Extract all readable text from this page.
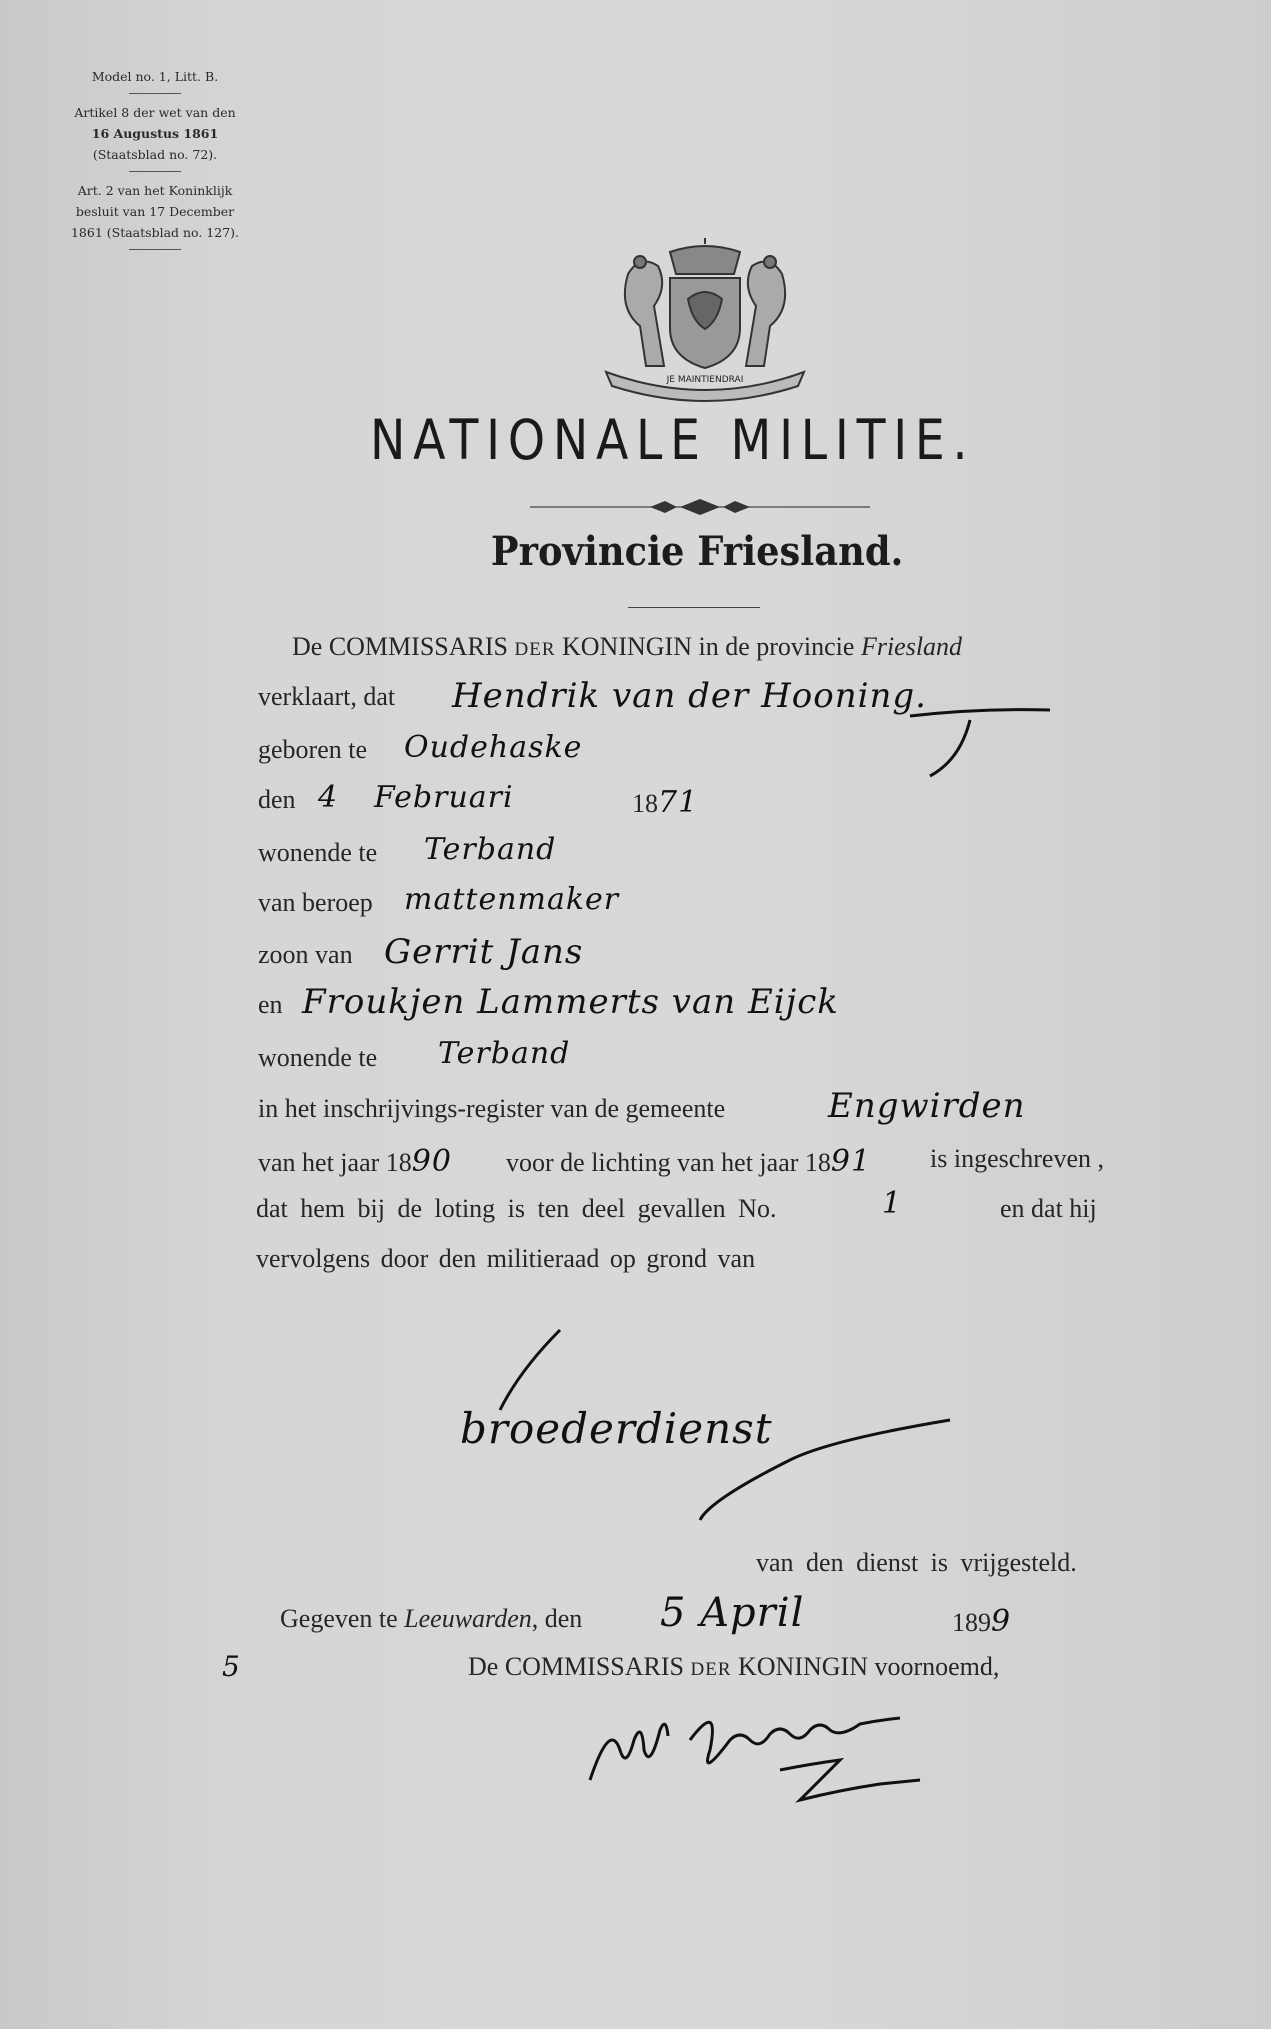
Model no. 1, Litt. B.
Artikel 8 der wet van den
16 Augustus 1861
(Staatsblad no. 72).
Art. 2 van het Koninklijk
besluit van 17 December
1861 (Staatsblad no. 127).
JE MAINTIENDRAI
NATIONALE MILITIE.
Provincie Friesland.
De COMMISSARIS DER KONINGIN in de provincie Friesland
verklaart, dat Hendrik van der Hooning.
geboren te Oudehaske
den 4 Februari	1871
wonende te Terband
van beroep mattenmaker
zoon van Gerrit Jans
en Froukjen Lammerts van Eijck
wonende te Terband
in het inschrijvings-register van de gemeente	Engwirden
van het jaar 1890 voor de lichting van het jaar 1891 is ingeschreven ,
dat hem bij de loting is ten deel gevallen No.	1	en dat hij
vervolgens door den militieraad op grond van
broederdienst
van den dienst is vrijgesteld.
Gegeven te Leeuwarden, den 5 April	1899
5	De COMMISSARIS DER KONINGIN voornoemd,
